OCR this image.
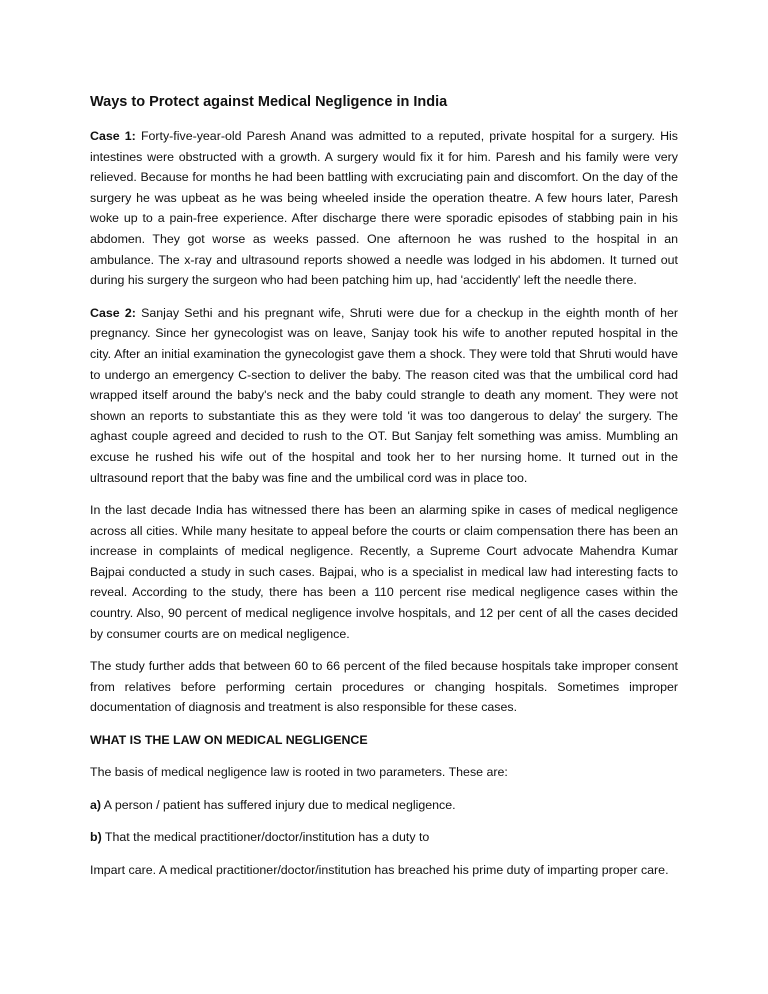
Ways to Protect against Medical Negligence in India

Case 1: Forty-five-year-old Paresh Anand was admitted to a reputed, private hospital for a surgery. His intestines were obstructed with a growth. A surgery would fix it for him. Paresh and his family were very relieved. Because for months he had been battling with excruciating pain and discomfort. On the day of the surgery he was upbeat as he was being wheeled inside the operation theatre. A few hours later, Paresh woke up to a pain-free experience. After discharge there were sporadic episodes of stabbing pain in his abdomen. They got worse as weeks passed. One afternoon he was rushed to the hospital in an ambulance. The x-ray and ultrasound reports showed a needle was lodged in his abdomen. It turned out during his surgery the surgeon who had been patching him up, had 'accidently' left the needle there.

Case 2: Sanjay Sethi and his pregnant wife, Shruti were due for a checkup in the eighth month of her pregnancy. Since her gynecologist was on leave, Sanjay took his wife to another reputed hospital in the city. After an initial examination the gynecologist gave them a shock. They were told that Shruti would have to undergo an emergency C-section to deliver the baby. The reason cited was that the umbilical cord had wrapped itself around the baby's neck and the baby could strangle to death any moment. They were not shown an reports to substantiate this as they were told 'it was too dangerous to delay' the surgery. The aghast couple agreed and decided to rush to the OT. But Sanjay felt something was amiss. Mumbling an excuse he rushed his wife out of the hospital and took her to her nursing home. It turned out in the ultrasound report that the baby was fine and the umbilical cord was in place too.

In the last decade India has witnessed there has been an alarming spike in cases of medical negligence across all cities. While many hesitate to appeal before the courts or claim compensation there has been an increase in complaints of medical negligence. Recently, a Supreme Court advocate Mahendra Kumar Bajpai conducted a study in such cases. Bajpai, who is a specialist in medical law had interesting facts to reveal. According to the study, there has been a 110 percent rise medical negligence cases within the country. Also, 90 percent of medical negligence involve hospitals, and 12 per cent of all the cases decided by consumer courts are on medical negligence.

The study further adds that between 60 to 66 percent of the filed because hospitals take improper consent from relatives before performing certain procedures or changing hospitals. Sometimes improper documentation of diagnosis and treatment is also responsible for these cases.

WHAT IS THE LAW ON MEDICAL NEGLIGENCE

The basis of medical negligence law is rooted in two parameters. These are:

a) A person / patient has suffered injury due to medical negligence.

b) That the medical practitioner/doctor/institution has a duty to

Impart care. A medical practitioner/doctor/institution has breached his prime duty of imparting proper care.
